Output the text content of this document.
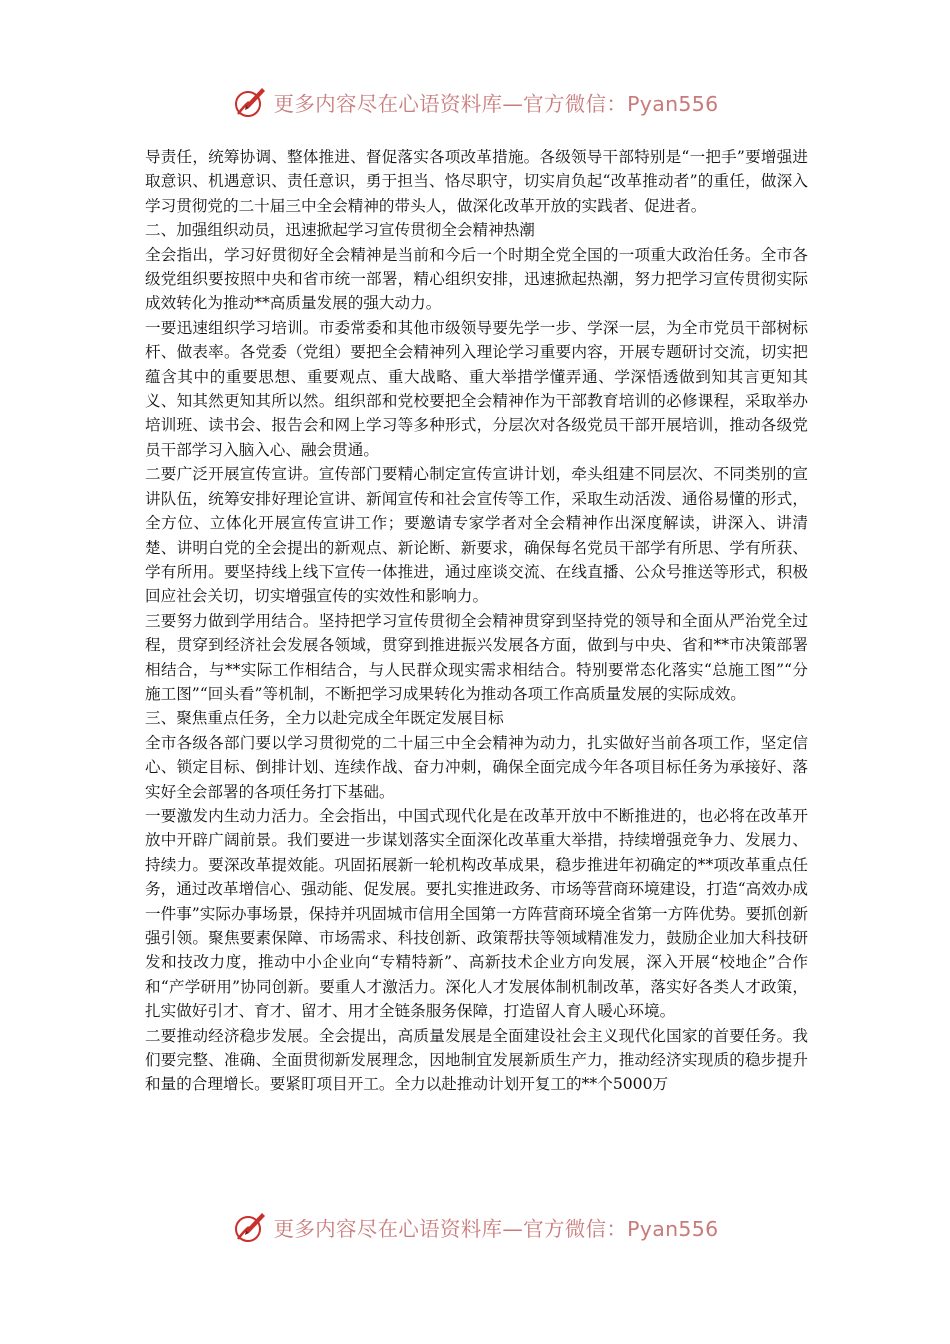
更多内容尽在心语资料库—官方微信：Pyan556

导责任，统筹协调、整体推进、督促落实各项改革措施。各级领导干部特别是“一把手”要增强进取意识、机遇意识、责任意识，勇于担当、恪尽职守，切实肩负起“改革推动者”的重任，做深入学习贯彻党的二十届三中全会精神的带头人，做深化改革开放的实践者、促进者。

二、加强组织动员，迅速掀起学习宣传贯彻全会精神热潮

全会指出，学习好贯彻好全会精神是当前和今后一个时期全党全国的一项重大政治任务。全市各级党组织要按照中央和省市统一部署，精心组织安排，迅速掀起热潮，努力把学习宣传贯彻实际成效转化为推动**高质量发展的强大动力。

一要迅速组织学习培训。市委常委和其他市级领导要先学一步、学深一层，为全市党员干部树标杆、做表率。各党委（党组）要把全会精神列入理论学习重要内容，开展专题研讨交流，切实把蕴含其中的重要思想、重要观点、重大战略、重大举措学懂弄通、学深悟透做到知其言更知其义、知其然更知其所以然。组织部和党校要把全会精神作为干部教育培训的必修课程，采取举办培训班、读书会、报告会和网上学习等多种形式，分层次对各级党员干部开展培训，推动各级党员干部学习入脑入心、融会贯通。

二要广泛开展宣传宣讲。宣传部门要精心制定宣传宣讲计划，牵头组建不同层次、不同类别的宣讲队伍，统筹安排好理论宣讲、新闻宣传和社会宣传等工作，采取生动活泼、通俗易懂的形式，全方位、立体化开展宣传宣讲工作；要邀请专家学者对全会精神作出深度解读，讲深入、讲清楚、讲明白党的全会提出的新观点、新论断、新要求，确保每名党员干部学有所思、学有所获、学有所用。要坚持线上线下宣传一体推进，通过座谈交流、在线直播、公众号推送等形式，积极回应社会关切，切实增强宣传的实效性和影响力。

三要努力做到学用结合。坚持把学习宣传贯彻全会精神贯穿到坚持党的领导和全面从严治党全过程，贯穿到经济社会发展各领域，贯穿到推进振兴发展各方面，做到与中央、省和**市决策部署相结合，与**实际工作相结合，与人民群众现实需求相结合。特别要常态化落实“总施工图”“分施工图”“回头看”等机制，不断把学习成果转化为推动各项工作高质量发展的实际成效。

三、聚焦重点任务，全力以赴完成全年既定发展目标

全市各级各部门要以学习贯彻党的二十届三中全会精神为动力，扎实做好当前各项工作，坚定信心、锁定目标、倒排计划、连续作战、奋力冲刺，确保全面完成今年各项目标任务为承接好、落实好全会部署的各项任务打下基础。

一要激发内生动力活力。全会指出，中国式现代化是在改革开放中不断推进的，也必将在改革开放中开辟广阔前景。我们要进一步谋划落实全面深化改革重大举措，持续增强竞争力、发展力、持续力。要深改革提效能。巩固拓展新一轮机构改革成果，稳步推进年初确定的**项改革重点任务，通过改革增信心、强动能、促发展。要扎实推进政务、市场等营商环境建设，打造“高效办成一件事”实际办事场景，保持并巩固城市信用全国第一方阵营商环境全省第一方阵优势。要抓创新强引领。聚焦要素保障、市场需求、科技创新、政策帮扶等领域精准发力，鼓励企业加大科技研发和技改力度，推动中小企业向“专精特新”、高新技术企业方向发展，深入开展“校地企”合作和“产学研用”协同创新。要重人才激活力。深化人才发展体制机制改革，落实好各类人才政策，扎实做好引才、育才、留才、用才全链条服务保障，打造留人育人暖心环境。

二要推动经济稳步发展。全会提出，高质量发展是全面建设社会主义现代化国家的首要任务。我们要完整、准确、全面贯彻新发展理念，因地制宜发展新质生产力，推动经济实现质的稳步提升和量的合理增长。要紧盯项目开工。全力以赴推动计划开复工的**个5000万

更多内容尽在心语资料库—官方微信：Pyan556
